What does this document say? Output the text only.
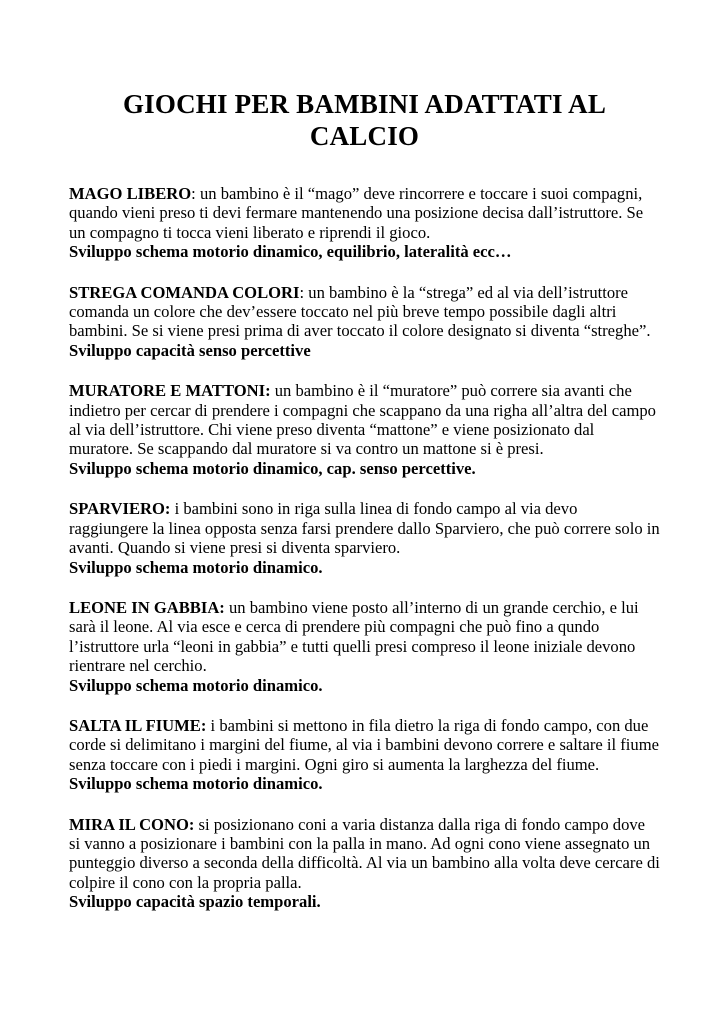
GIOCHI PER BAMBINI ADATTATI AL CALCIO

MAGO LIBERO: un bambino è il “mago” deve rincorrere e toccare i suoi compagni, quando vieni preso ti devi fermare mantenendo una posizione decisa dall’istruttore. Se un compagno ti tocca vieni liberato e riprendi il gioco.

Sviluppo schema motorio dinamico, equilibrio, lateralità ecc…

STREGA COMANDA COLORI: un bambino è la “strega” ed al via dell’istruttore comanda un colore che dev’essere toccato nel più breve tempo possibile dagli altri bambini. Se si viene presi prima di aver toccato il colore designato si diventa “streghe”.

Sviluppo capacità senso percettive

MURATORE E MATTONI: un bambino è il “muratore” può correre sia avanti che indietro per cercar di prendere i compagni che scappano da una righa all’altra del campo al via dell’istruttore. Chi viene preso diventa “mattone” e viene posizionato dal muratore. Se scappando dal muratore si va contro un mattone si è presi.

Sviluppo schema motorio dinamico, cap. senso percettive.

SPARVIERO: i bambini sono in riga sulla linea di fondo campo al via devo raggiungere la linea opposta senza farsi prendere dallo Sparviero, che può correre solo in avanti. Quando si viene presi si diventa sparviero.

Sviluppo schema motorio dinamico.

LEONE IN GABBIA: un bambino viene posto all’interno di un grande cerchio, e lui sarà il leone. Al via esce e cerca di prendere più compagni che può fino a qundo l’istruttore urla “leoni in gabbia” e tutti quelli presi compreso il leone iniziale devono rientrare nel cerchio.

Sviluppo schema motorio dinamico.

SALTA IL FIUME: i bambini si mettono in fila dietro la riga di fondo campo, con due corde si delimitano i margini del fiume, al via i bambini devono correre e saltare il fiume senza toccare con i piedi i margini. Ogni giro si aumenta la larghezza del fiume.

Sviluppo schema motorio dinamico.

MIRA IL CONO: si posizionano coni a varia distanza dalla riga di fondo campo dove si vanno a posizionare i bambini con la palla in mano. Ad ogni cono viene assegnato un punteggio diverso a seconda della difficoltà. Al via un bambino alla volta deve cercare di colpire il cono con la propria palla.

Sviluppo capacità spazio temporali.
